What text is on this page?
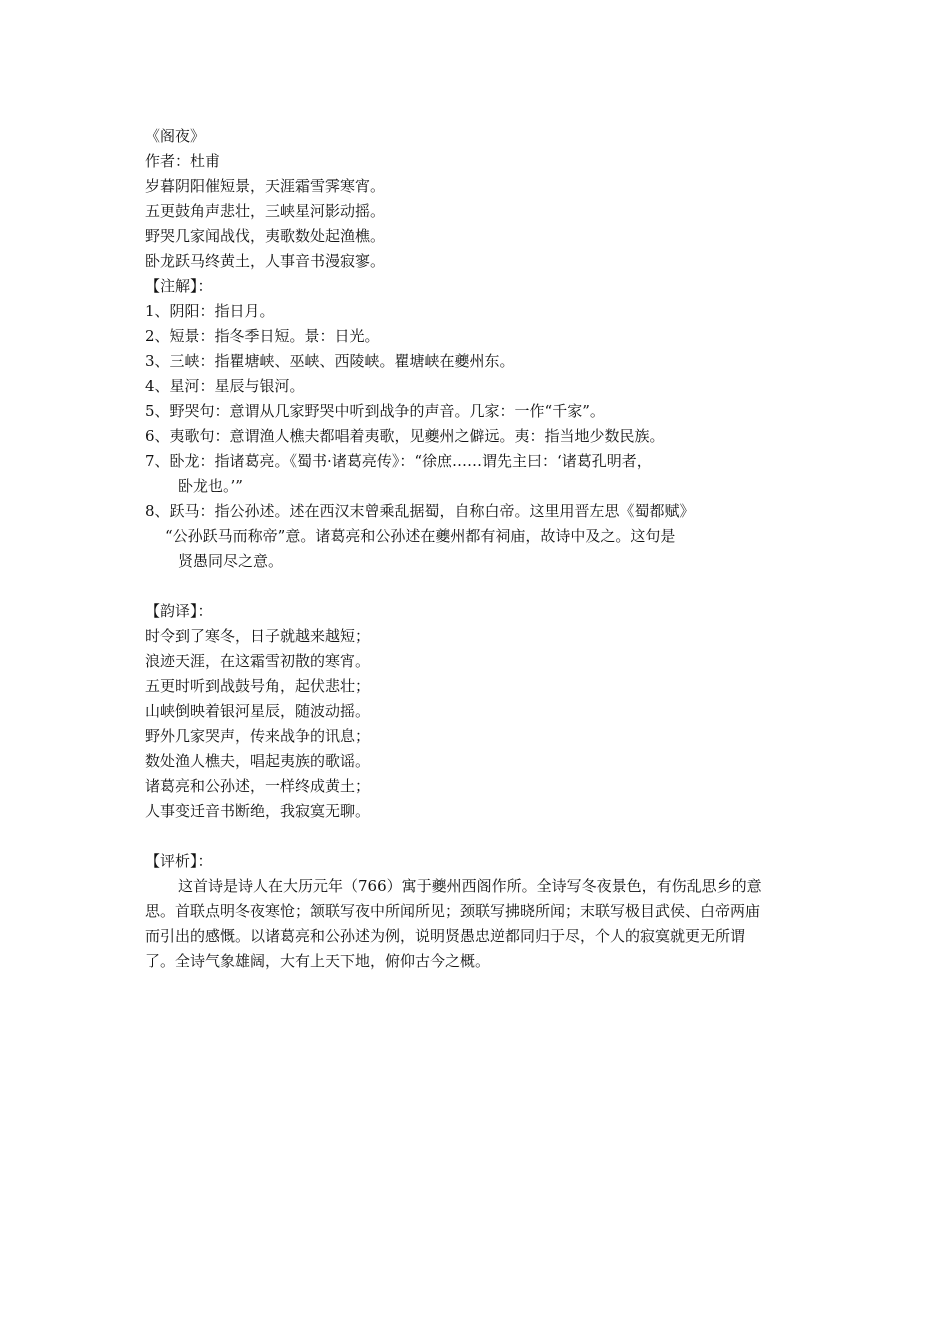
《阁夜》
作者：杜甫
岁暮阴阳催短景，天涯霜雪霁寒宵。
五更鼓角声悲壮，三峡星河影动摇。
野哭几家闻战伐，夷歌数处起渔樵。
卧龙跃马终黄土，人事音书漫寂寥。
【注解】：
1、阴阳：指日月。
2、短景：指冬季日短。景：日光。
3、三峡：指瞿塘峡、巫峡、西陵峡。瞿塘峡在夔州东。
4、星河：星辰与银河。
5、野哭句：意谓从几家野哭中听到战争的声音。几家：一作“千家”。
6、夷歌句：意谓渔人樵夫都唱着夷歌，见夔州之僻远。夷：指当地少数民族。
7、卧龙：指诸葛亮。《蜀书·诸葛亮传》：“徐庶……谓先主曰：‘诸葛孔明者，
卧龙也。’”
8、跃马：指公孙述。述在西汉末曾乘乱据蜀，自称白帝。这里用晋左思《蜀都赋》
“公孙跃马而称帝”意。诸葛亮和公孙述在夔州都有祠庙，故诗中及之。这句是
贤愚同尽之意。
【韵译】：
时令到了寒冬，日子就越来越短；
浪迹天涯，在这霜雪初散的寒宵。
五更时听到战鼓号角，起伏悲壮；
山峡倒映着银河星辰，随波动摇。
野外几家哭声，传来战争的讯息；
数处渔人樵夫，唱起夷族的歌谣。
诸葛亮和公孙述，一样终成黄土；
人事变迁音书断绝，我寂寞无聊。
【评析】：
这首诗是诗人在大历元年（766）寓于夔州西阁作所。全诗写冬夜景色，有伤乱思乡的意思。首联点明冬夜寒怆；颔联写夜中所闻所见；颈联写拂晓所闻；末联写极目武侯、白帝两庙而引出的感慨。以诸葛亮和公孙述为例，说明贤愚忠逆都同归于尽，个人的寂寞就更无所谓了。全诗气象雄阔，大有上天下地，俯仰古今之概。
